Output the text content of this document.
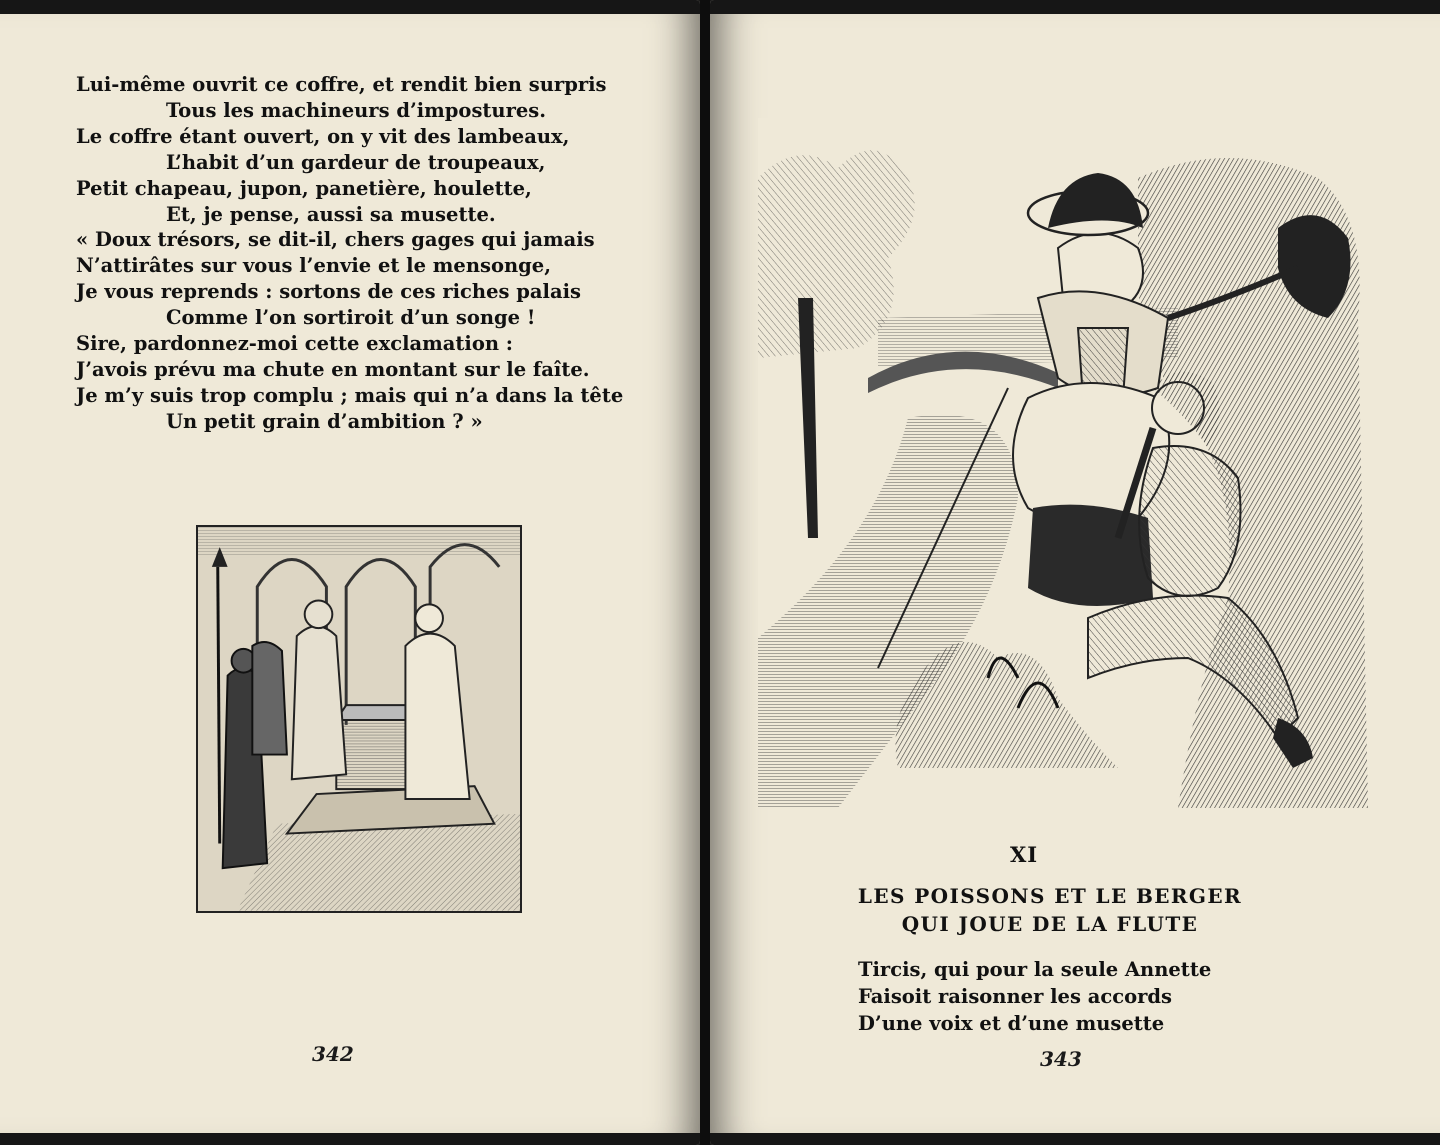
Lui-même ouvrit ce coffre, et rendit bien surpris
Tous les machineurs d’impostures.
Le coffre étant ouvert, on y vit des lambeaux,
L’habit d’un gardeur de troupeaux,
Petit chapeau, jupon, panetière, houlette,
Et, je pense, aussi sa musette.
« Doux trésors, se dit-il, chers gages qui jamais
N’attirâtes sur vous l’envie et le mensonge,
Je vous reprends : sortons de ces riches palais
Comme l’on sortiroit d’un songe !
Sire, pardonnez-moi cette exclamation :
J’avois prévu ma chute en montant sur le faîte.
Je m’y suis trop complu ; mais qui n’a dans la tête
Un petit grain d’ambition ? »
342
XI
LES POISSONS ET LE BERGER
QUI JOUE DE LA FLUTE
Tircis, qui pour la seule Annette
Faisoit raisonner les accords
D’une voix et d’une musette
343
